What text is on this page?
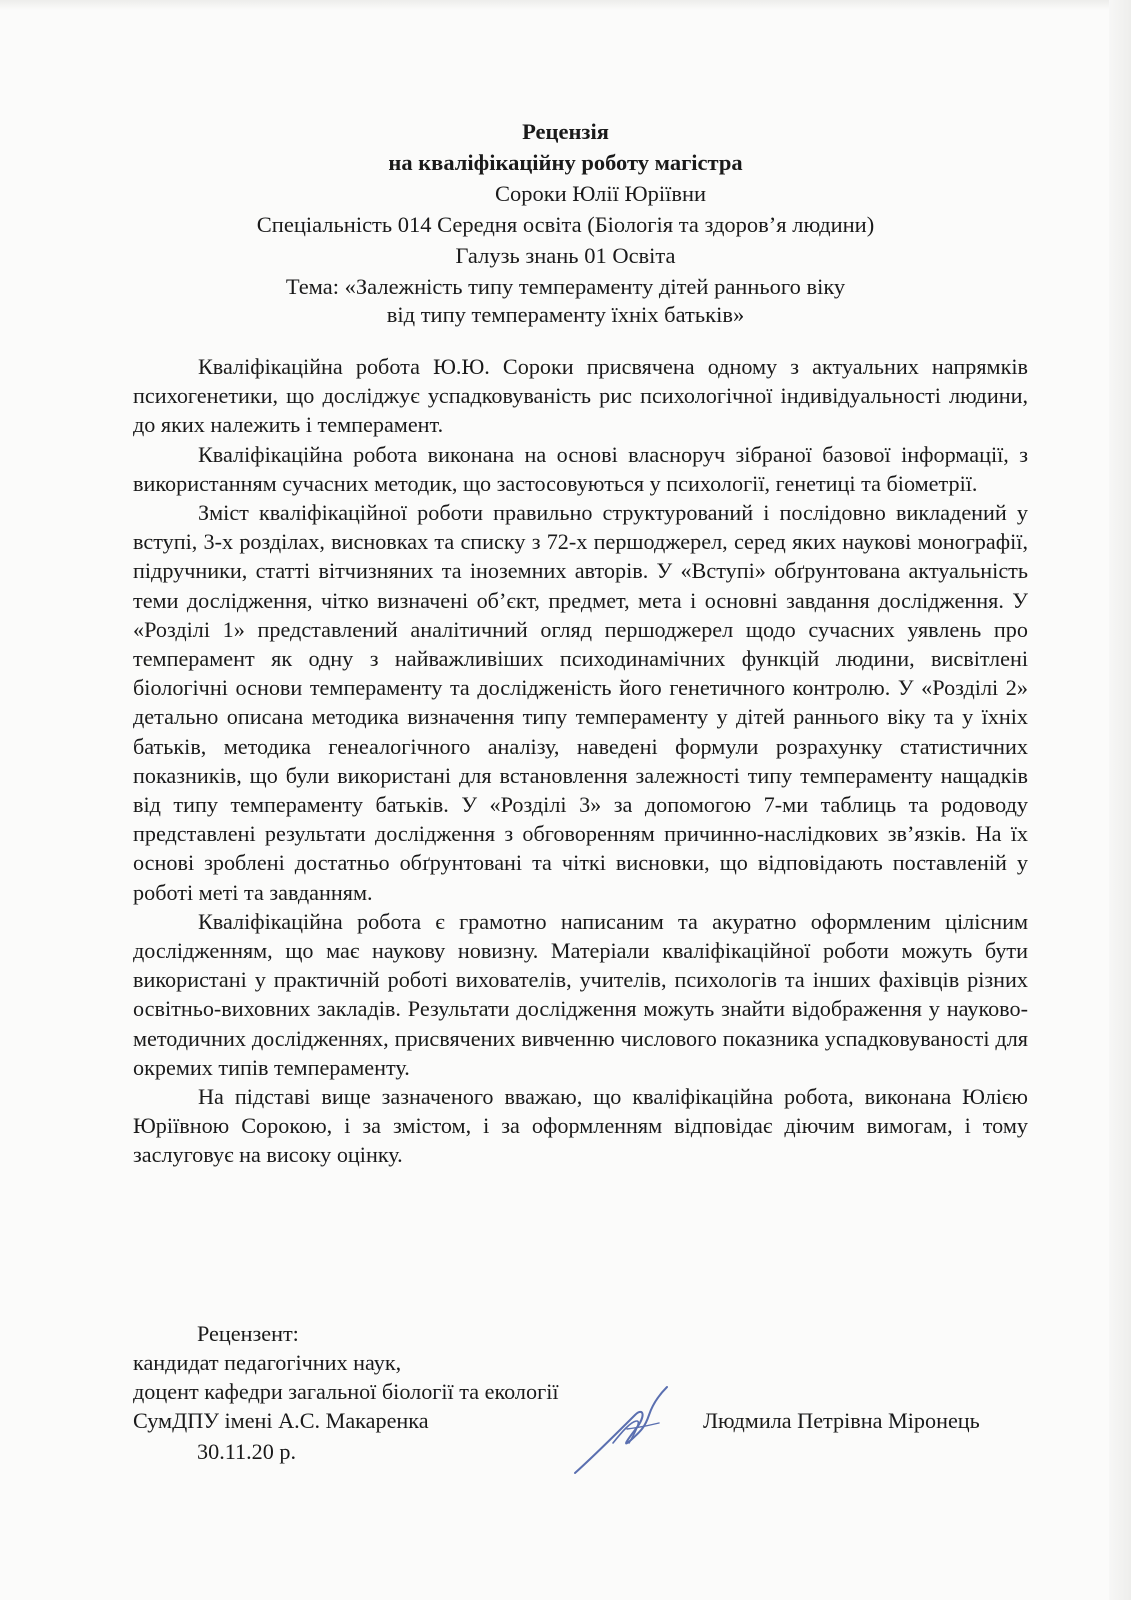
Рецензія
на кваліфікаційну роботу магістра
Сороки Юлії Юріївни
Спеціальність 014 Середня освіта (Біологія та здоров’я людини)
Галузь знань 01 Освіта
Тема: «Залежність типу темпераменту дітей раннього віку
від типу темпераменту їхніх батьків»

Кваліфікаційна робота Ю.Ю. Сороки присвячена одному з актуальних напрямків психогенетики, що досліджує успадковуваність рис психологічної індивідуальності людини, до яких належить і темперамент.

Кваліфікаційна робота виконана на основі власноруч зібраної базової інформації, з використанням сучасних методик, що застосовуються у психології, генетиці та біометрії.

Зміст кваліфікаційної роботи правильно структурований і послідовно викладений у вступі, 3-х розділах, висновках та списку з 72-х першоджерел, серед яких наукові монографії, підручники, статті вітчизняних та іноземних авторів. У «Вступі» обґрунтована актуальність теми дослідження, чітко визначені об’єкт, предмет, мета і основні завдання дослідження. У «Розділі 1» представлений аналітичний огляд першоджерел щодо сучасних уявлень про темперамент як одну з найважливіших психодинамічних функцій людини, висвітлені біологічні основи темпераменту та досліджeність його генетичного контролю. У «Розділі 2» детально описана методика визначення типу темпераменту у дітей раннього віку та у їхніх батьків, методика генеалогічного аналізу, наведені формули розрахунку статистичних показників, що були використані для встановлення залежності типу темпераменту нащадків від типу темпераменту батьків. У «Розділі 3» за допомогою 7-ми таблиць та родоводу представлені результати дослідження з обговоренням причинно-наслідкових зв’язків. На їх основі зроблені достатньо обґрунтовані та чіткі висновки, що відповідають поставленій у роботі меті та завданням.

Кваліфікаційна робота є грамотно написаним та акуратно оформленим цілісним дослідженням, що має наукову новизну. Матеріали кваліфікаційної роботи можуть бути використані у практичній роботі вихователів, учителів, психологів та інших фахівців різних освітньо-виховних закладів. Результати дослідження можуть знайти відображення у науково-методичних дослідженнях, присвячених вивченню числового показника успадковуваності для окремих типів темпераменту.

На підставі вище зазначеного вважаю, що кваліфікаційна робота, виконана Юлією Юріївною Сорокою, і за змістом, і за оформленням відповідає діючим вимогам, і тому заслуговує на високу оцінку.

Рецензент:
кандидат педагогічних наук,
доцент кафедри загальної біології та екології
СумДПУ імені А.С. Макаренка	Людмила Петрівна Міронець
30.11.20 р.
